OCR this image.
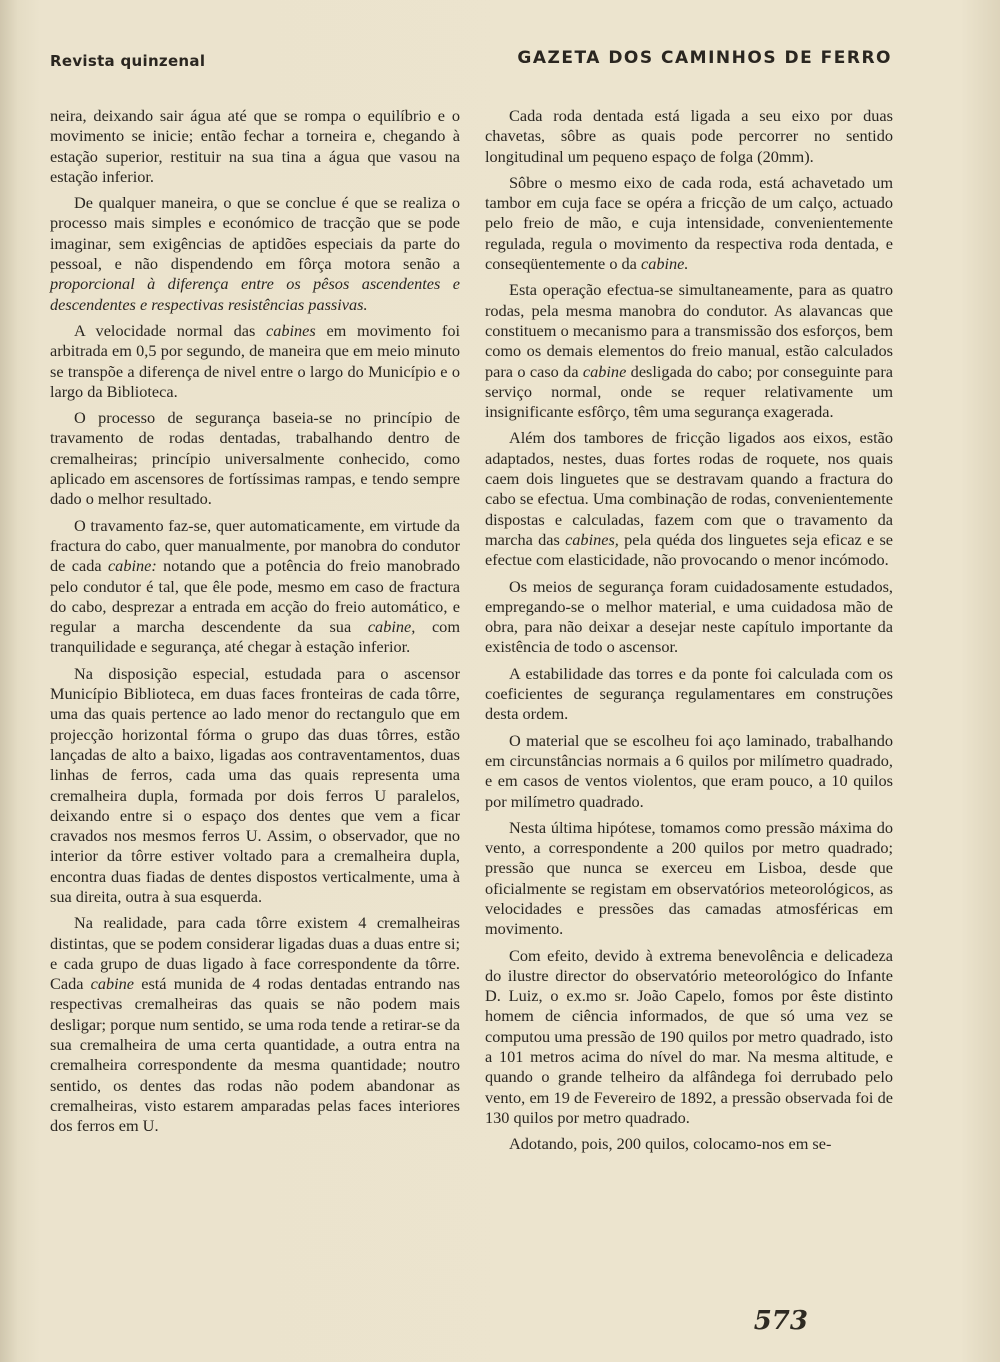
Revista quinzenal	GAZETA DOS CAMINHOS DE FERRO

neira, deixando sair água até que se rompa o equilíbrio e o movimento se inicie; então fechar a torneira e, chegando à estação superior, restituir na sua tina a água que vasou na estação inferior.

De qualquer maneira, o que se conclue é que se realiza o processo mais simples e económico de tracção que se pode imaginar, sem exigências de aptidões especiais da parte do pessoal, e não dispendendo em fôrça motora senão a proporcional à diferença entre os pêsos ascendentes e descendentes e respectivas resistências passivas.

A velocidade normal das cabines em movimento foi arbitrada em 0,5 por segundo, de maneira que em meio minuto se transpõe a diferença de nivel entre o largo do Município e o largo da Biblioteca.

O processo de segurança baseia-se no princípio de travamento de rodas dentadas, trabalhando dentro de cremalheiras; princípio universalmente conhecido, como aplicado em ascensores de fortíssimas rampas, e tendo sempre dado o melhor resultado.

O travamento faz-se, quer automaticamente, em virtude da fractura do cabo, quer manualmente, por manobra do condutor de cada cabine: notando que a potência do freio manobrado pelo condutor é tal, que êle pode, mesmo em caso de fractura do cabo, desprezar a entrada em acção do freio automático, e regular a marcha descendente da sua cabine, com tranquilidade e segurança, até chegar à estação inferior.

Na disposição especial, estudada para o ascensor Município Biblioteca, em duas faces fronteiras de cada tôrre, uma das quais pertence ao lado menor do rectangulo que em projecção horizontal fórma o grupo das duas tôrres, estão lançadas de alto a baixo, ligadas aos contraventamentos, duas linhas de ferros, cada uma das quais representa uma cremalheira dupla, formada por dois ferros U paralelos, deixando entre si o espaço dos dentes que vem a ficar cravados nos mesmos ferros U. Assim, o observador, que no interior da tôrre estiver voltado para a cremalheira dupla, encontra duas fiadas de dentes dispostos verticalmente, uma à sua direita, outra à sua esquerda.

Na realidade, para cada tôrre existem 4 cremalheiras distintas, que se podem considerar ligadas duas a duas entre si; e cada grupo de duas ligado à face correspondente da tôrre. Cada cabine está munida de 4 rodas dentadas entrando nas respectivas cremalheiras das quais se não podem mais desligar; porque num sentido, se uma roda tende a retirar-se da sua cremalheira de uma certa quantidade, a outra entra na cremalheira correspondente da mesma quantidade; noutro sentido, os dentes das rodas não podem abandonar as cremalheiras, visto estarem amparadas pelas faces interiores dos ferros em U.

Cada roda dentada está ligada a seu eixo por duas chavetas, sôbre as quais pode percorrer no sentido longitudinal um pequeno espaço de folga (20mm).

Sôbre o mesmo eixo de cada roda, está achavetado um tambor em cuja face se opéra a fricção de um calço, actuado pelo freio de mão, e cuja intensidade, convenientemente regulada, regula o movimento da respectiva roda dentada, e conseqüentemente o da cabine.

Esta operação efectua-se simultaneamente, para as quatro rodas, pela mesma manobra do condutor. As alavancas que constituem o mecanismo para a transmissão dos esforços, bem como os demais elementos do freio manual, estão calculados para o caso da cabine desligada do cabo; por conseguinte para serviço normal, onde se requer relativamente um insignificante esfôrço, têm uma segurança exagerada.

Além dos tambores de fricção ligados aos eixos, estão adaptados, nestes, duas fortes rodas de roquete, nos quais caem dois linguetes que se destravam quando a fractura do cabo se efectua. Uma combinação de rodas, convenientemente dispostas e calculadas, fazem com que o travamento da marcha das cabines, pela quéda dos linguetes seja eficaz e se efectue com elasticidade, não provocando o menor incómodo.

Os meios de segurança foram cuidadosamente estudados, empregando-se o melhor material, e uma cuidadosa mão de obra, para não deixar a desejar neste capítulo importante da existência de todo o ascensor.

A estabilidade das torres e da ponte foi calculada com os coeficientes de segurança regulamentares em construções desta ordem.

O material que se escolheu foi aço laminado, trabalhando em circunstâncias normais a 6 quilos por milímetro quadrado, e em casos de ventos violentos, que eram pouco, a 10 quilos por milímetro quadrado.

Nesta última hipótese, tomamos como pressão máxima do vento, a correspondente a 200 quilos por metro quadrado; pressão que nunca se exerceu em Lisboa, desde que oficialmente se registam em observatórios meteorológicos, as velocidades e pressões das camadas atmosféricas em movimento.

Com efeito, devido à extrema benevolência e delicadeza do ilustre director do observatório meteorológico do Infante D. Luiz, o ex.mo sr. João Capelo, fomos por êste distinto homem de ciência informados, de que só uma vez se computou uma pressão de 190 quilos por metro quadrado, isto a 101 metros acima do nível do mar. Na mesma altitude, e quando o grande telheiro da alfândega foi derrubado pelo vento, em 19 de Fevereiro de 1892, a pressão observada foi de 130 quilos por metro quadrado.

Adotando, pois, 200 quilos, colocamo-nos em se-

573
